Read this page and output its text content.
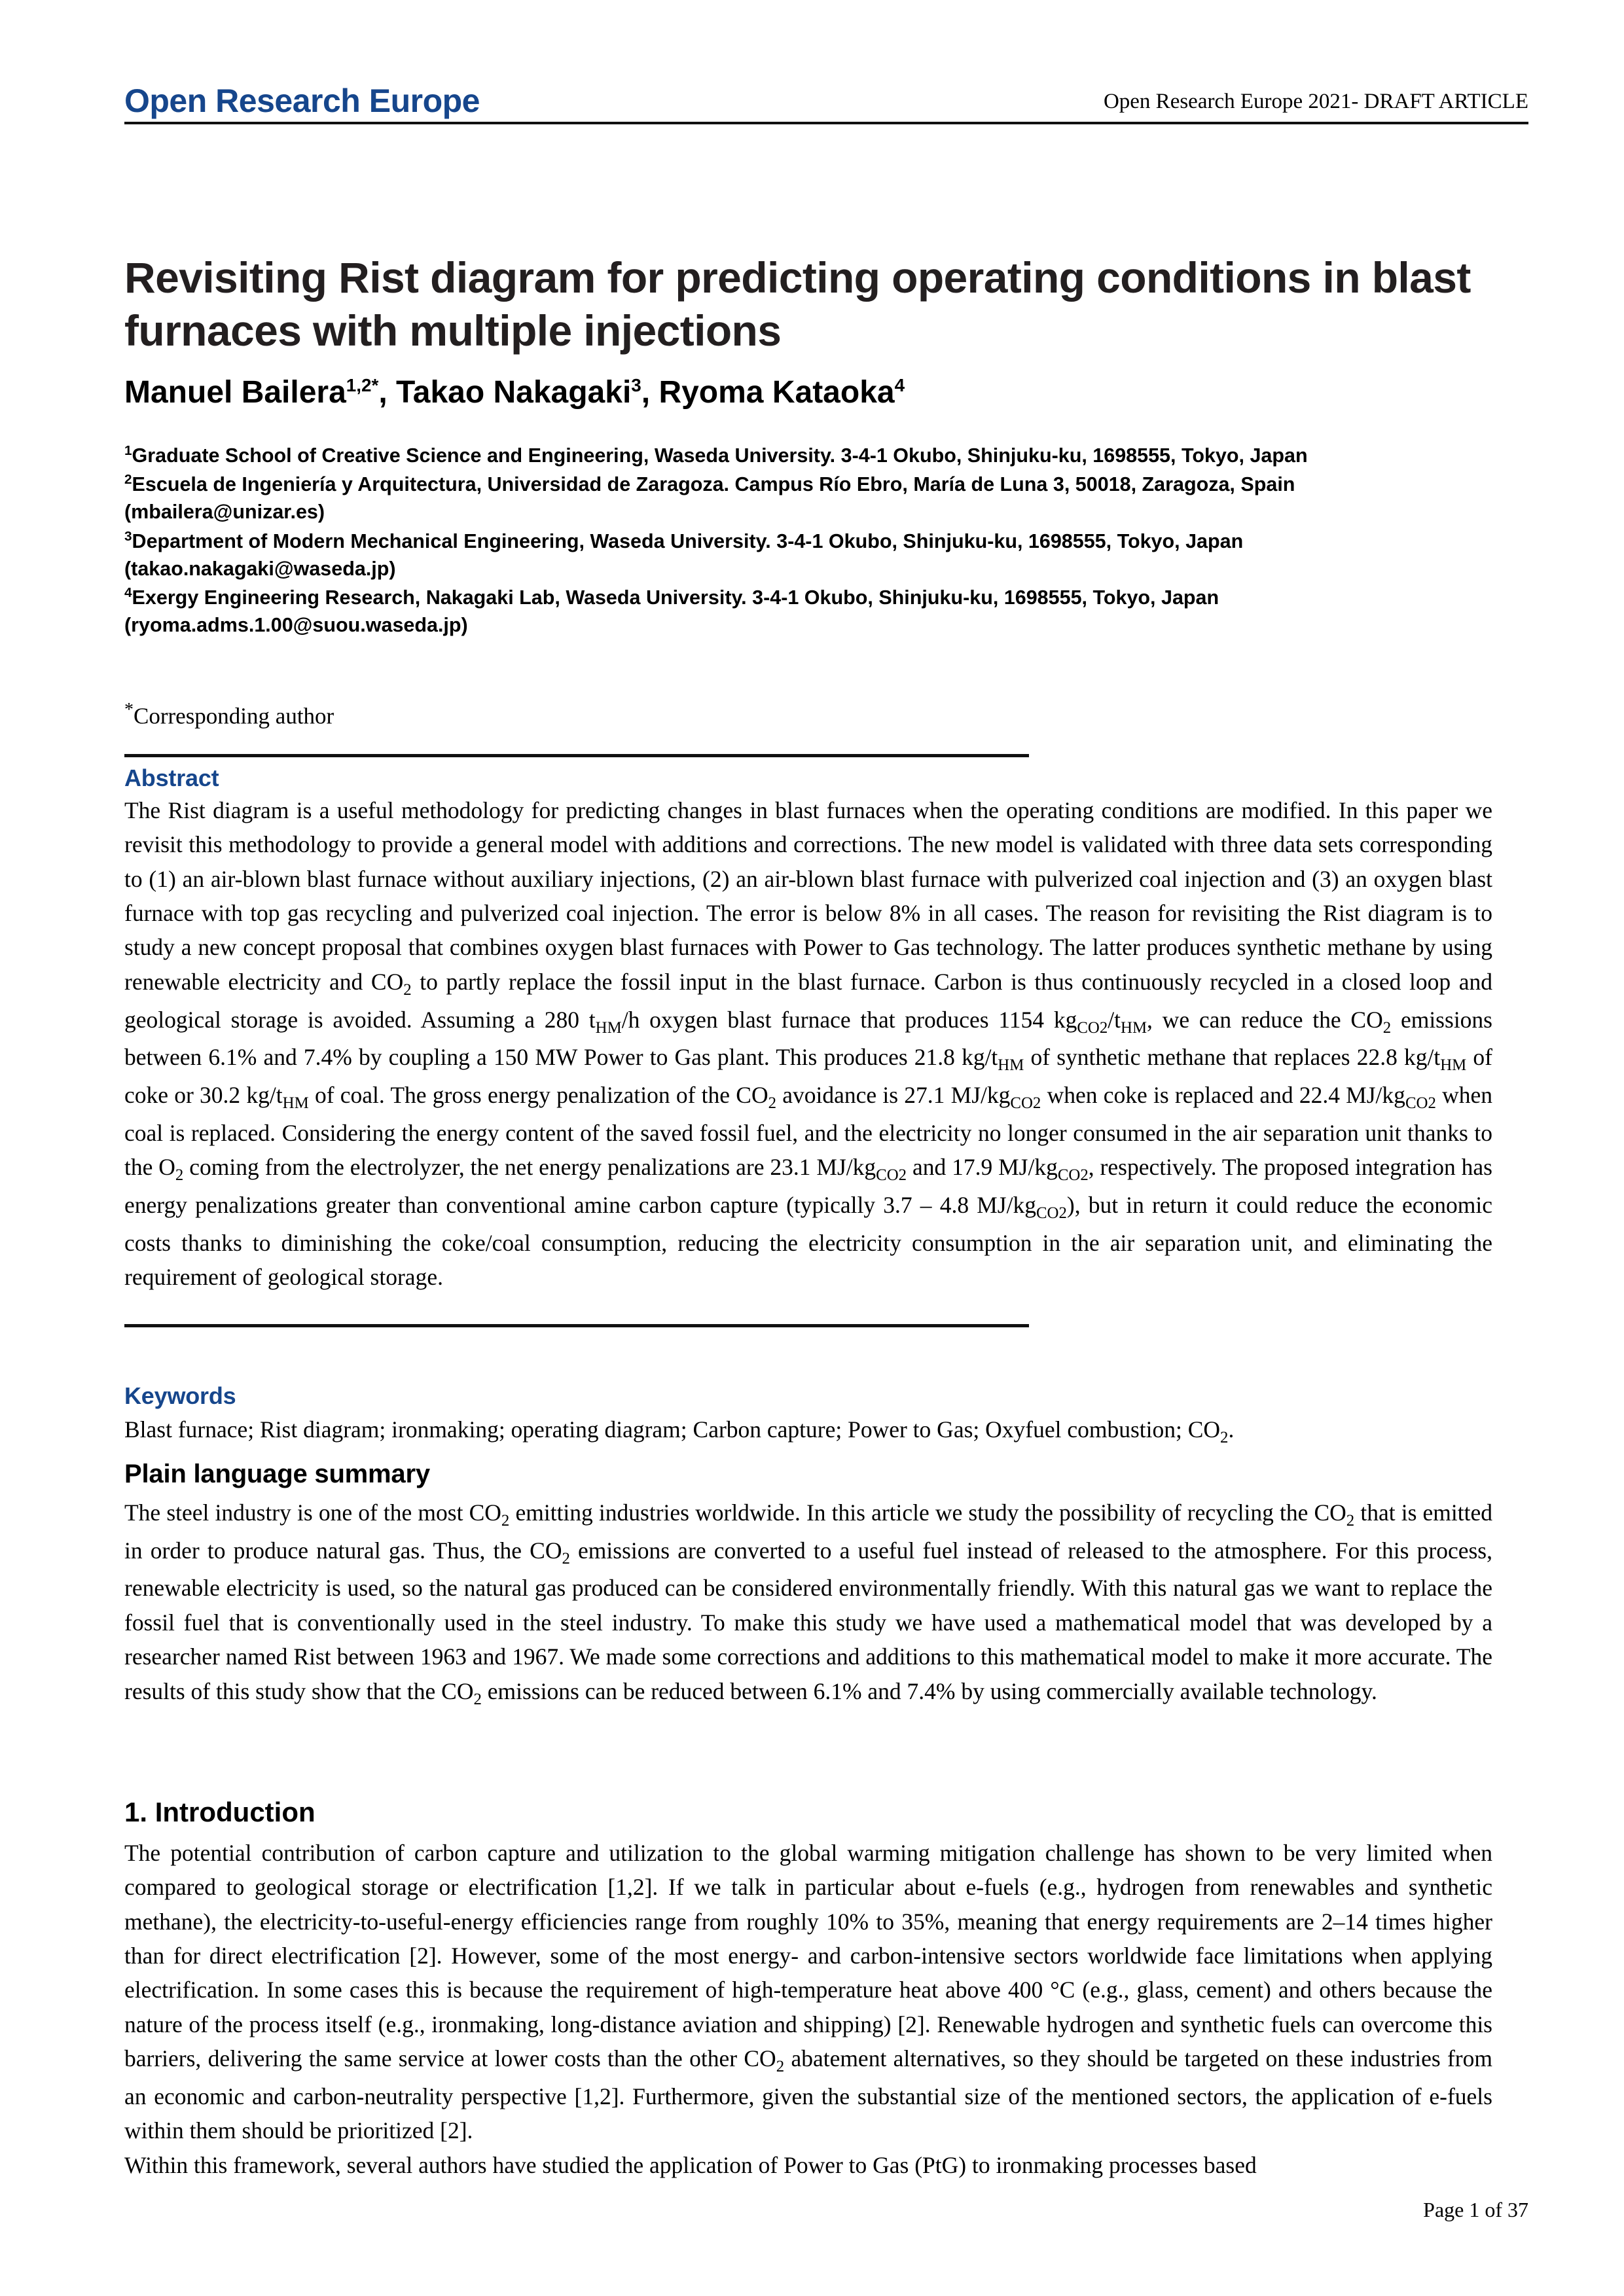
Open Research Europe	Open Research Europe 2021- DRAFT ARTICLE
Revisiting Rist diagram for predicting operating conditions in blast furnaces with multiple injections
Manuel Bailera$^{1,2*}$, Takao Nakagaki$^3$, Ryoma Kataoka$^4$

$^1$Graduate School of Creative Science and Engineering, Waseda University. 3-4-1 Okubo, Shinjuku-ku, 1698555, Tokyo, Japan

$^2$Escuela de Ingeniería y Arquitectura, Universidad de Zaragoza. Campus Río Ebro, María de Luna 3, 50018, Zaragoza, Spain (mbailera@unizar.es)

$^3$Department of Modern Mechanical Engineering, Waseda University. 3-4-1 Okubo, Shinjuku-ku, 1698555, Tokyo, Japan (takao.nakagaki@waseda.jp)

$^4$Exergy Engineering Research, Nakagaki Lab, Waseda University. 3-4-1 Okubo, Shinjuku-ku, 1698555, Tokyo, Japan (ryoma.adms.1.00@suou.waseda.jp)

*Corresponding author
Abstract
The Rist diagram is a useful methodology for predicting changes in blast furnaces when the operating conditions are modified. In this paper we revisit this methodology to provide a general model with additions and corrections. The new model is validated with three data sets corresponding to (1) an air-blown blast furnace without auxiliary injections, (2) an air-blown blast furnace with pulverized coal injection and (3) an oxygen blast furnace with top gas recycling and pulverized coal injection. The error is below 8% in all cases. The reason for revisiting the Rist diagram is to study a new concept proposal that combines oxygen blast furnaces with Power to Gas technology. The latter produces synthetic methane by using renewable electricity and $CO_2$ to partly replace the fossil input in the blast furnace. Carbon is thus continuously recycled in a closed loop and geological storage is avoided. Assuming a 280 $t_{HM}/h$ oxygen blast furnace that produces 1154 $kg_{CO2}/t_{HM}$, we can reduce the $CO_2$ emissions between 6.1% and 7.4% by coupling a 150 MW Power to Gas plant. This produces 21.8 $kg/t_{HM}$ of synthetic methane that replaces 22.8 $kg/t_{HM}$ of coke or 30.2 $kg/t_{HM}$ of coal. The gross energy penalization of the $CO_2$ avoidance is 27.1 $MJ/kg_{CO2}$ when coke is replaced and 22.4 $MJ/kg_{CO2}$ when coal is replaced. Considering the energy content of the saved fossil fuel, and the electricity no longer consumed in the air separation unit thanks to the $O_2$ coming from the electrolyzer, the net energy penalizations are 23.1 $MJ/kg_{CO2}$ and 17.9 $MJ/kg_{CO2}$, respectively. The proposed integration has energy penalizations greater than conventional amine carbon capture (typically 3.7 – 4.8 $MJ/kg_{CO2}$), but in return it could reduce the economic costs thanks to diminishing the coke/coal consumption, reducing the electricity consumption in the air separation unit, and eliminating the requirement of geological storage.
Keywords
Blast furnace; Rist diagram; ironmaking; operating diagram; Carbon capture; Power to Gas; Oxyfuel combustion; $CO_2$.
Plain language summary
The steel industry is one of the most $CO_2$ emitting industries worldwide. In this article we study the possibility of recycling the $CO_2$ that is emitted in order to produce natural gas. Thus, the $CO_2$ emissions are converted to a useful fuel instead of released to the atmosphere. For this process, renewable electricity is used, so the natural gas produced can be considered environmentally friendly. With this natural gas we want to replace the fossil fuel that is conventionally used in the steel industry. To make this study we have used a mathematical model that was developed by a researcher named Rist between 1963 and 1967. We made some corrections and additions to this mathematical model to make it more accurate. The results of this study show that the $CO_2$ emissions can be reduced between 6.1% and 7.4% by using commercially available technology.
1. Introduction

The potential contribution of carbon capture and utilization to the global warming mitigation challenge has shown to be very limited when compared to geological storage or electrification [1,2]. If we talk in particular about e-fuels (e.g., hydrogen from renewables and synthetic methane), the electricity-to-useful-energy efficiencies range from roughly 10% to 35%, meaning that energy requirements are 2–14 times higher than for direct electrification [2]. However, some of the most energy- and carbon-intensive sectors worldwide face limitations when applying electrification. In some cases this is because the requirement of high-temperature heat above 400 °C (e.g., glass, cement) and others because the nature of the process itself (e.g., ironmaking, long-distance aviation and shipping) [2]. Renewable hydrogen and synthetic fuels can overcome this barriers, delivering the same service at lower costs than the other $CO_2$ abatement alternatives, so they should be targeted on these industries from an economic and carbon-neutrality perspective [1,2]. Furthermore, given the substantial size of the mentioned sectors, the application of e-fuels within them should be prioritized [2].

Within this framework, several authors have studied the application of Power to Gas (PtG) to ironmaking processes based

Page 1 of 37
